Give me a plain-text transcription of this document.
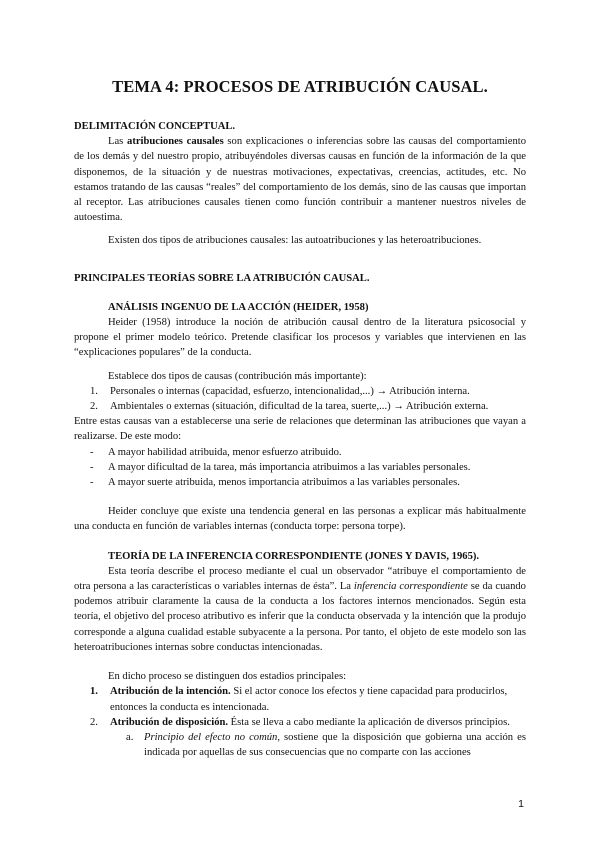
TEMA 4: PROCESOS DE ATRIBUCIÓN CAUSAL.

DELIMITACIÓN CONCEPTUAL.

Las atribuciones causales son explicaciones o inferencias sobre las causas del comportamiento de los demás y del nuestro propio, atribuyéndoles diversas causas en función de la información de la que disponemos, de la situación y de nuestras motivaciones, expectativas, creencias, actitudes, etc. No estamos tratando de las causas “reales” del comportamiento de los demás, sino de las causas que importan al receptor. Las atribuciones causales tienen como función contribuir a mantener nuestros niveles de autoestima.

Existen dos tipos de atribuciones causales: las autoatribuciones y las heteroatribuciones.

PRINCIPALES TEORÍAS SOBRE LA ATRIBUCIÓN CAUSAL.

ANÁLISIS INGENUO DE LA ACCIÓN (HEIDER, 1958)

Heider (1958) introduce la noción de atribución causal dentro de la literatura psicosocial y propone el primer modelo teórico. Pretende clasificar los procesos y variables que intervienen en las “explicaciones populares” de la conducta.

Establece dos tipos de causas (contribución más importante):

1. Personales o internas (capacidad, esfuerzo, intencionalidad,...) → Atribución interna.
2. Ambientales o externas (situación, dificultad de la tarea, suerte,...) → Atribución externa.

Entre estas causas van a establecerse una serie de relaciones que determinan las atribuciones que vayan a realizarse. De este modo:

- A mayor habilidad atribuida, menor esfuerzo atribuido.
- A mayor dificultad de la tarea, más importancia atribuimos a las variables personales.
- A mayor suerte atribuida, menos importancia atribuimos a las variables personales.

Heider concluye que existe una tendencia general en las personas a explicar más habitualmente una conducta en función de variables internas (conducta torpe: persona torpe).

TEORÍA DE LA INFERENCIA CORRESPONDIENTE (JONES Y DAVIS, 1965).

Esta teoría describe el proceso mediante el cual un observador “atribuye el comportamiento de otra persona a las características o variables internas de ésta”. La inferencia correspondiente se da cuando podemos atribuir claramente la causa de la conducta a los factores internos mencionados. Según esta teoría, el objetivo del proceso atributivo es inferir que la conducta observada y la intención que la produjo corresponde a alguna cualidad estable subyacente a la persona. Por tanto, el objeto de este modelo son las heteroatribuciones internas sobre conductas intencionadas.

En dicho proceso se distinguen dos estadios principales:

1. Atribución de la intención. Si el actor conoce los efectos y tiene capacidad para producirlos, entonces la conducta es intencionada.
2. Atribución de disposición. Ésta se lleva a cabo mediante la aplicación de diversos principios.
a. Principio del efecto no común, sostiene que la disposición que gobierna una acción es indicada por aquellas de sus consecuencias que no comparte con las acciones
1
